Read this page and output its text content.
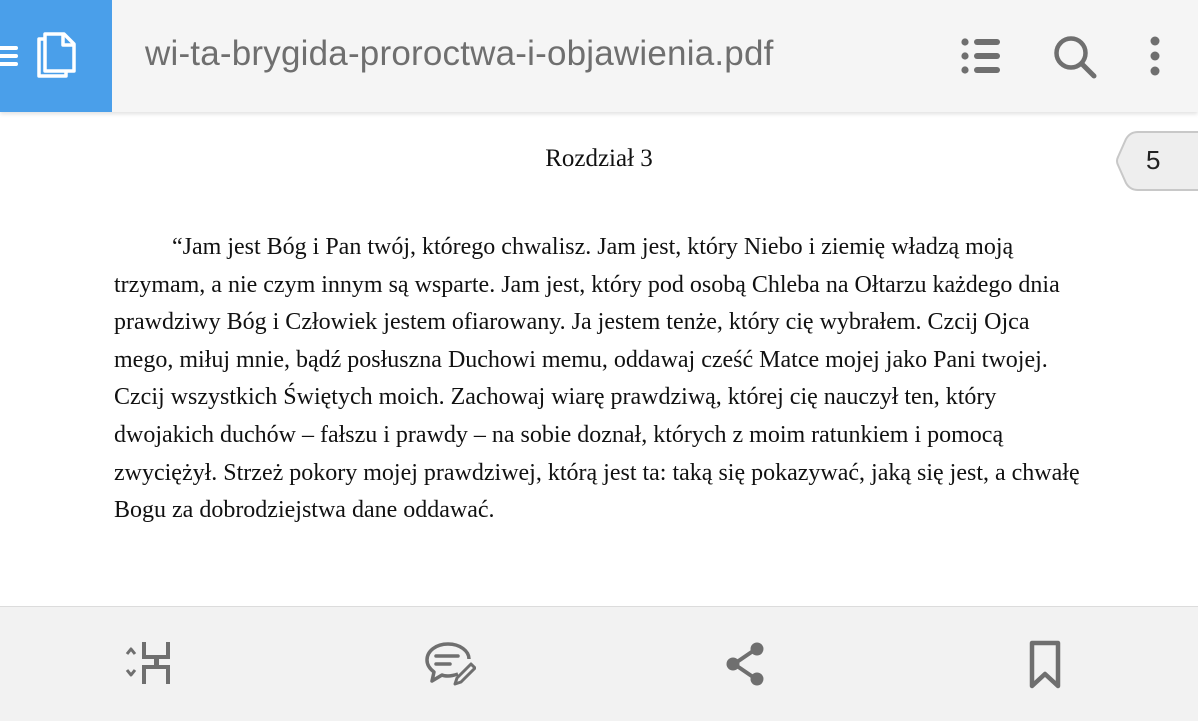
wi-ta-brygida-proroctwa-i-objawienia.pdf
Rozdział 3

“Jam jest Bóg i Pan twój, którego chwalisz. Jam jest, który Niebo i ziemię władzą moją trzymam, a nie czym innym są wsparte. Jam jest, który pod osobą Chleba na Ołtarzu każdego dnia prawdziwy Bóg i Człowiek jestem ofiarowany. Ja jestem tenże, który cię wybrałem. Czcij Ojca mego, miłuj mnie, bądź posłuszna Duchowi memu, oddawaj cześć Matce mojej jako Pani twojej. Czcij wszystkich Świętych moich. Zachowaj wiarę prawdziwą, której cię nauczył ten, który dwojakich duchów – fałszu i prawdy – na sobie doznał, których z moim ratunkiem i pomocą zwyciężył. Strzeż pokory mojej prawdziwej, którą jest ta: taką się pokazywać, jaką się jest, a chwałę Bogu za dobrodziejstwa dane oddawać.

5
